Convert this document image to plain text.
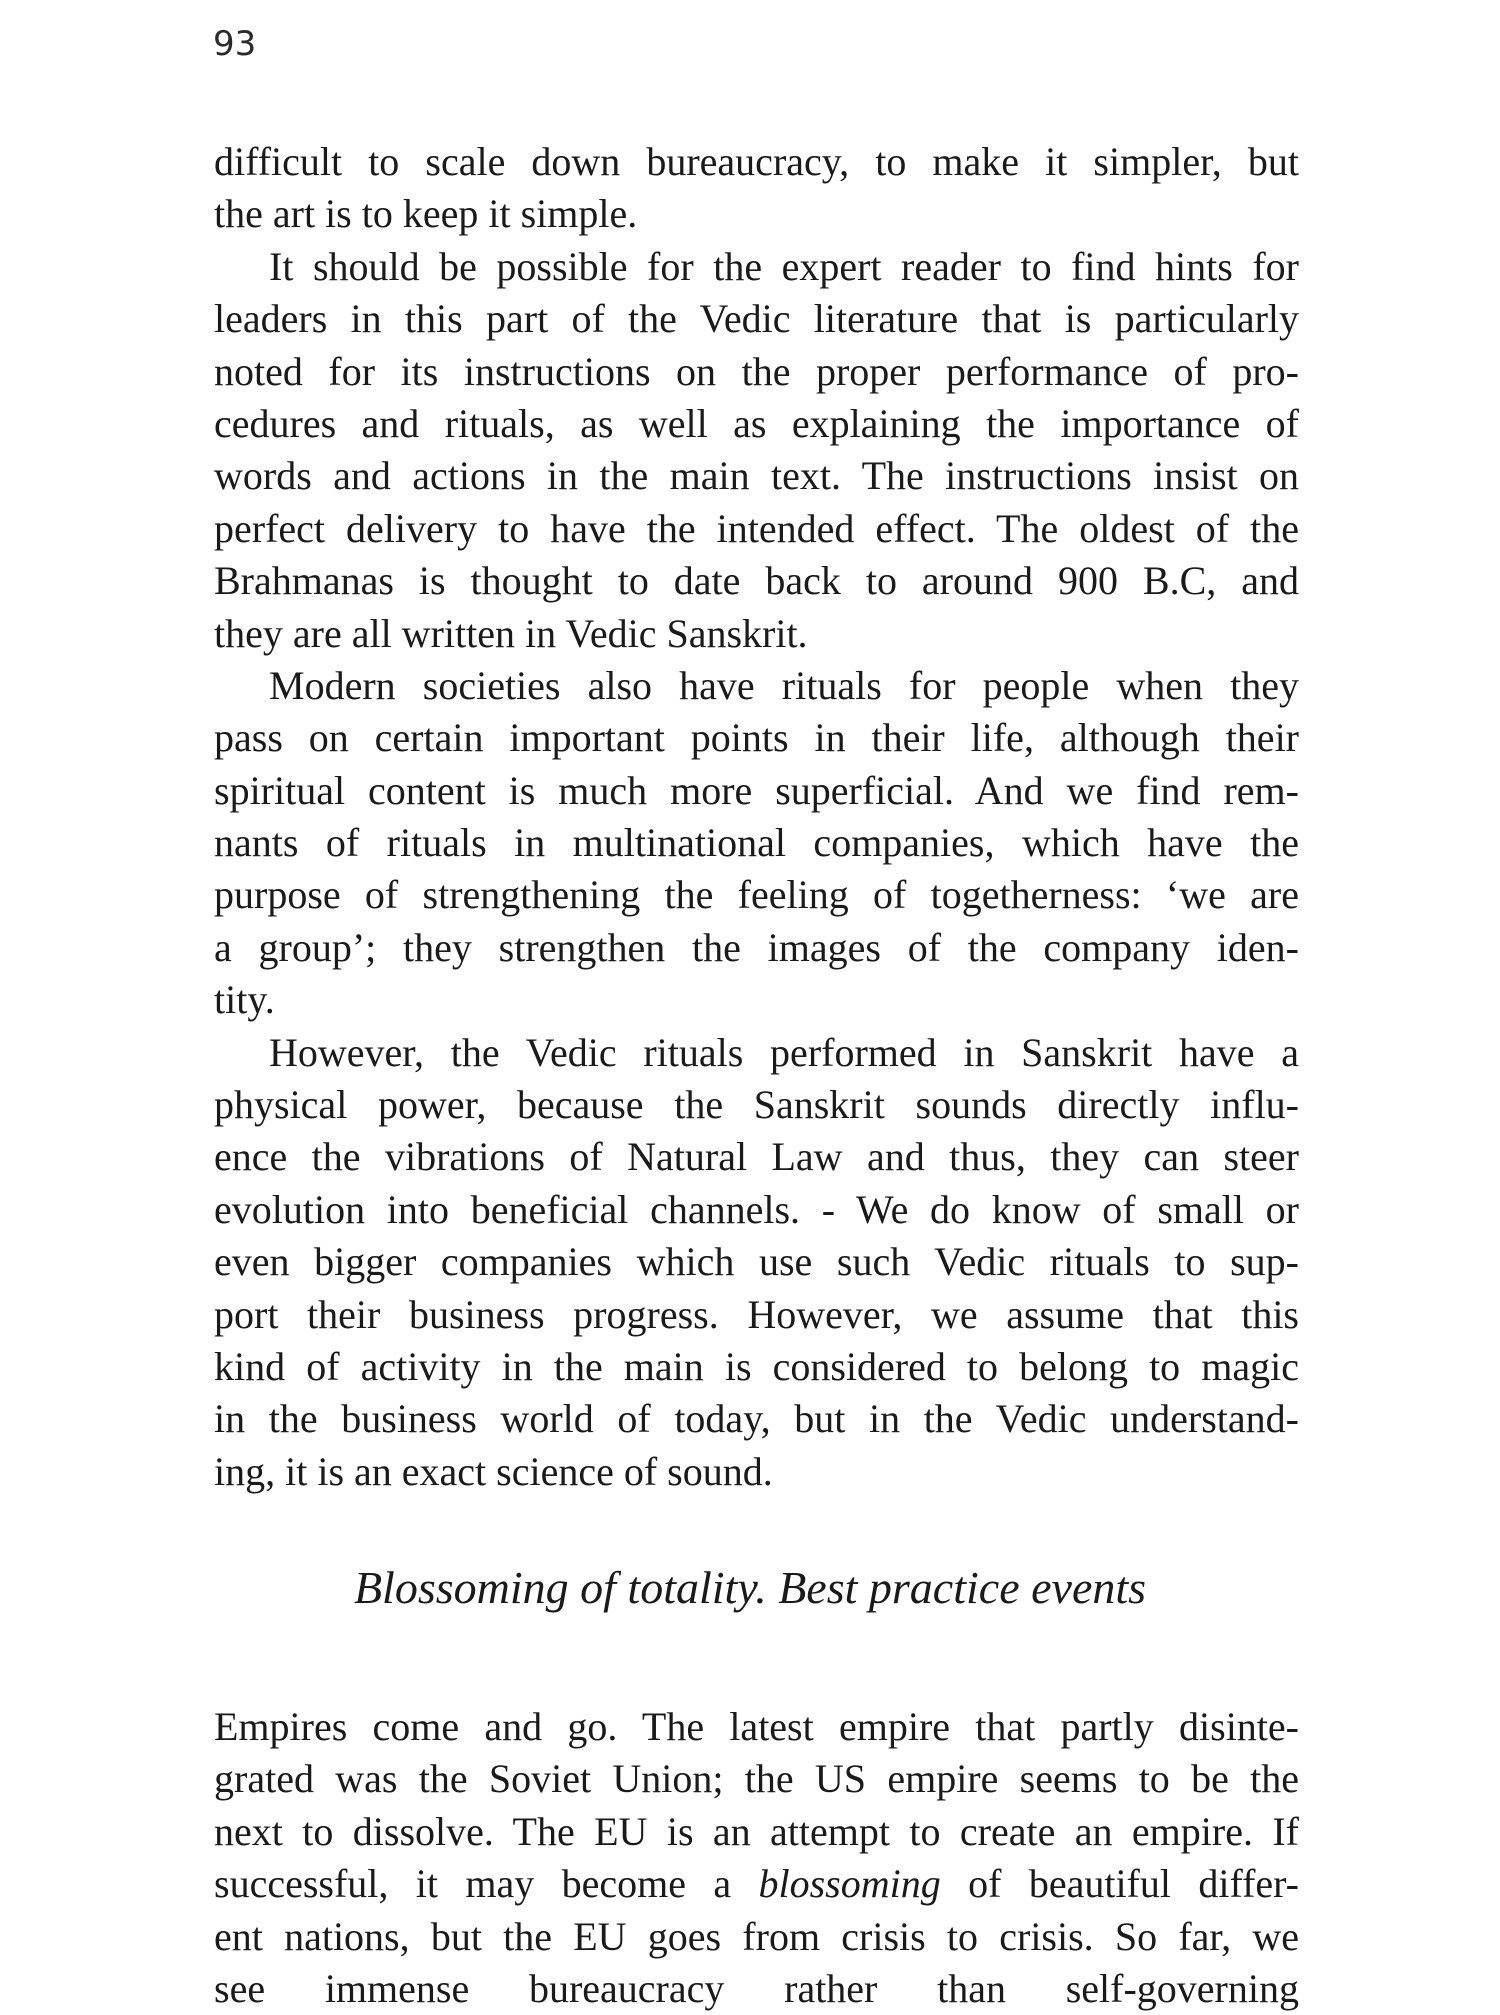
93
difficult to scale down bureaucracy, to make it simpler, but
the art is to keep it simple.
It should be possible for the expert reader to find hints for
leaders in this part of the Vedic literature that is particularly
noted for its instructions on the proper performance of pro-
cedures and rituals, as well as explaining the importance of
words and actions in the main text. The instructions insist on
perfect delivery to have the intended effect. The oldest of the
Brahmanas is thought to date back to around 900 B.C, and
they are all written in Vedic Sanskrit.
Modern societies also have rituals for people when they
pass on certain important points in their life, although their
spiritual content is much more superficial. And we find rem-
nants of rituals in multinational companies, which have the
purpose of strengthening the feeling of togetherness: ‘we are
a group’; they strengthen the images of the company iden-
tity.
However, the Vedic rituals performed in Sanskrit have a
physical power, because the Sanskrit sounds directly influ-
ence the vibrations of Natural Law and thus, they can steer
evolution into beneficial channels. - We do know of small or
even bigger companies which use such Vedic rituals to sup-
port their business progress. However, we assume that this
kind of activity in the main is considered to belong to magic
in the business world of today, but in the Vedic understand-
ing, it is an exact science of sound.
Blossoming of totality. Best practice events
Empires come and go. The latest empire that partly disinte-
grated was the Soviet Union; the US empire seems to be the
next to dissolve. The EU is an attempt to create an empire. If
successful, it may become a blossoming of beautiful differ-
ent nations, but the EU goes from crisis to crisis. So far, we
see immense bureaucracy rather than self-governing
